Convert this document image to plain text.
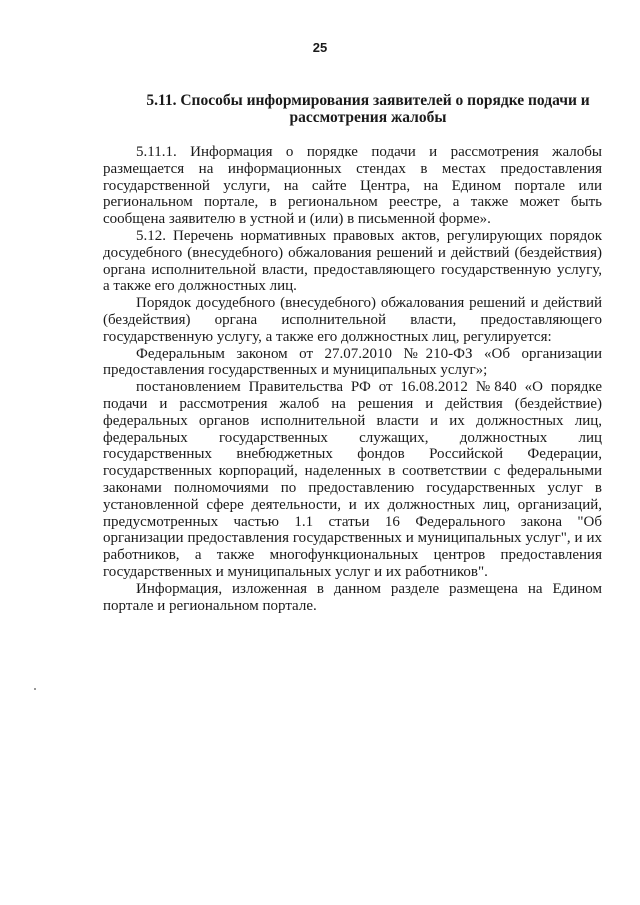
25
5.11. Способы информирования заявителей о порядке подачи и
рассмотрения жалобы
5.11.1. Информация о порядке подачи и рассмотрения жалобы
размещается на информационных стендах в местах предоставления
государственной услуги, на сайте Центра, на Едином портале или
региональном портале, в региональном реестре, а также может быть
сообщена заявителю в устной и (или) в письменной форме».
5.12. Перечень нормативных правовых актов, регулирующих порядок
досудебного (внесудебного) обжалования решений и действий (бездействия)
органа исполнительной власти, предоставляющего государственную услугу,
а также его должностных лиц.
Порядок досудебного (внесудебного) обжалования решений и действий
(бездействия) органа исполнительной власти, предоставляющего
государственную услугу, а также его должностных лиц, регулируется:
Федеральным законом от 27.07.2010 №210-ФЗ «Об организации
предоставления государственных и муниципальных услуг»;
постановлением Правительства РФ от 16.08.2012 №840 «О порядке
подачи и рассмотрения жалоб на решения и действия (бездействие)
федеральных органов исполнительной власти и их должностных лиц,
федеральных государственных служащих, должностных лиц
государственных внебюджетных фондов Российской Федерации,
государственных корпораций, наделенных в соответствии с федеральными
законами полномочиями по предоставлению государственных услуг в
установленной сфере деятельности, и их должностных лиц, организаций,
предусмотренных частью 1.1 статьи 16 Федерального закона "Об
организации предоставления государственных и муниципальных услуг", и их
работников, а также многофункциональных центров предоставления
государственных и муниципальных услуг и их работников".
Информация, изложенная в данном разделе размещена на Едином
портале и региональном портале.
